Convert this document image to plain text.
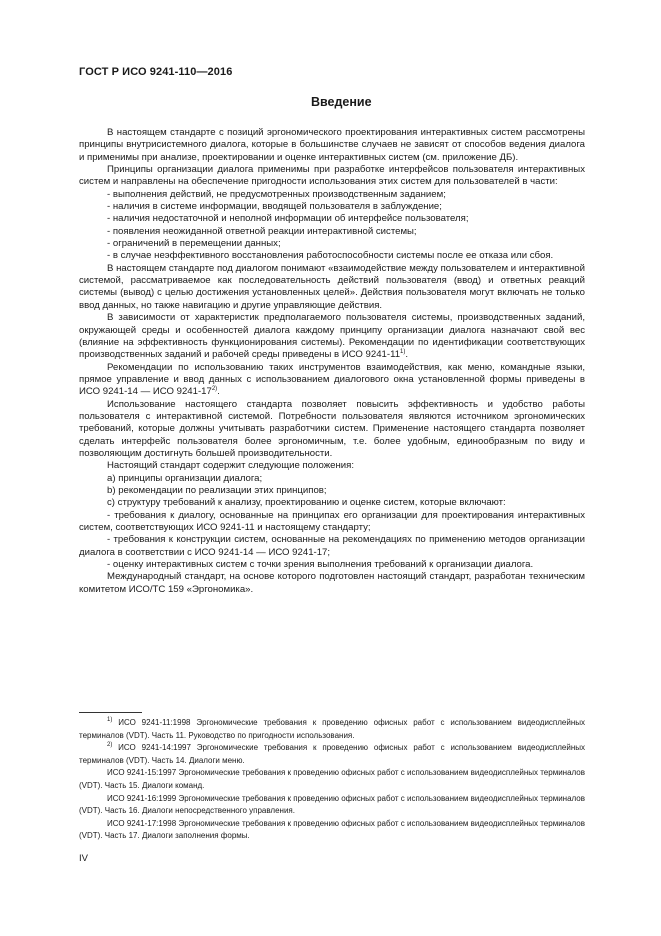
ГОСТ Р ИСО 9241-110—2016
Введение

В настоящем стандарте с позиций эргономического проектирования интерактивных систем рассмотрены принципы внутрисистемного диалога, которые в большинстве случаев не зависят от способов ведения диалога и применимы при анализе, проектировании и оценке интерактивных систем (см. приложение ДБ).

Принципы организации диалога применимы при разработке интерфейсов пользователя интерактивных систем и направлены на обеспечение пригодности использования этих систем для пользователей в части:

- выполнения действий, не предусмотренных производственным заданием;
- наличия в системе информации, вводящей пользователя в заблуждение;
- наличия недостаточной и неполной информации об интерфейсе пользователя;
- появления неожиданной ответной реакции интерактивной системы;
- ограничений в перемещении данных;

- в случае неэффективного восстановления работоспособности системы после ее отказа или сбоя.

В настоящем стандарте под диалогом понимают «взаимодействие между пользователем и интерактивной системой, рассматриваемое как последовательность действий пользователя (ввод) и ответных реакций системы (вывод) с целью достижения установленных целей». Действия пользователя могут включать не только ввод данных, но также навигацию и другие управляющие действия.

В зависимости от характеристик предполагаемого пользователя системы, производственных заданий, окружающей среды и особенностей диалога каждому принципу организации диалога назначают свой вес (влияние на эффективность функционирования системы). Рекомендации по идентификации соответствующих производственных заданий и рабочей среды приведены в ИСО 9241-11$^{1)}$.

Рекомендации по использованию таких инструментов взаимодействия, как меню, командные языки, прямое управление и ввод данных с использованием диалогового окна установленной формы приведены в ИСО 9241-14 — ИСО 9241-17$^{2)}$.

Использование настоящего стандарта позволяет повысить эффективность и удобство работы пользователя с интерактивной системой. Потребности пользователя являются источником эргономических требований, которые должны учитывать разработчики систем. Применение настоящего стандарта позволяет сделать интерфейс пользователя более эргономичным, т.е. более удобным, единообразным по виду и позволяющим достигнуть большей производительности.

Настоящий стандарт содержит следующие положения:

a) принципы организации диалога;
b) рекомендации по реализации этих принципов;
c) структуру требований к анализу, проектированию и оценке систем, которые включают:

- требования к диалогу, основанные на принципах его организации для проектирования интерактивных систем, соответствующих ИСО 9241-11 и настоящему стандарту;

- требования к конструкции систем, основанные на рекомендациях по применению методов организации диалога в соответствии с ИСО 9241-14 — ИСО 9241-17;

- оценку интерактивных систем с точки зрения выполнения требований к организации диалога.

Международный стандарт, на основе которого подготовлен настоящий стандарт, разработан техническим комитетом ИСО/ТС 159 «Эргономика».

$^{1)}$ ИСО 9241-11:1998 Эргономические требования к проведению офисных работ с использованием видеодисплейных терминалов (VDT). Часть 11. Руководство по пригодности использования.

$^{2)}$ ИСО 9241-14:1997 Эргономические требования к проведению офисных работ с использованием видеодисплейных терминалов (VDT). Часть 14. Диалоги меню.

ИСО 9241-15:1997 Эргономические требования к проведению офисных работ с использованием видеодисплейных терминалов (VDT). Часть 15. Диалоги команд.

ИСО 9241-16:1999 Эргономические требования к проведению офисных работ с использованием видеодисплейных терминалов (VDT). Часть 16. Диалоги непосредственного управления.

ИСО 9241-17:1998 Эргономические требования к проведению офисных работ с использованием видеодисплейных терминалов (VDT). Часть 17. Диалоги заполнения формы.

IV
